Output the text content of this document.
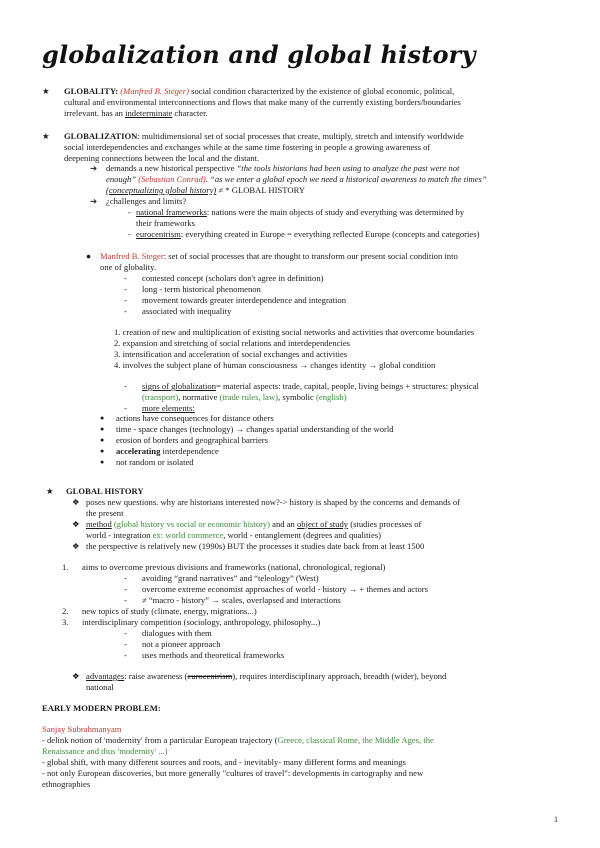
globalization and global history
★ GLOBALITY: (Manfred B. Steger) social condition characterized by the existence of global economic, political,
cultural and environmental interconnections and flows that make many of the currently existing borders/boundaries
irrelevant. has an indeterminate character.
★ GLOBALIZATION: multidimensional set of social processes that create, multiply, stretch and intensify worldwide
social interdependencies and exchanges while at the same time fostering in people a growing awareness of
deepening connections between the local and the distant.
➔ demands a new historical perspective “the tools historians had been using to analyze the past were not
enough” (Sebastian Conrad). “as we enter a global epoch we need a historical awareness to match the times”
(conceptualizing global history) ≠ * GLOBAL HISTORY
➔ ¿challenges and limits?
- national frameworks: nations were the main objects of study and everything was determined by
their frameworks
- eurocentrism: everything created in Europe = everything reflected Europe (concepts and categories)
● Manfred B. Steger: set of social processes that are thought to transform our present social condition into
one of globality.
- contested concept (scholars don't agree in definition)
- long - term historical phenomenon
- movement towards greater interdependence and integration
- associated with inequality
1. creation of new and multiplication of existing social networks and activities that overcome boundaries
2. expansion and stretching of social relations and interdependencies
3. intensification and acceleration of social exchanges and activities
4. involves the subject plane of human consciousness → changes identity → global condition
- signs of globalization= material aspects: trade, capital, people, living beings + structures: physical
(transport), normative (trade rules, law), symbolic (english)
- more elements:
● actions have consequences for distance others
● time - space changes (technology) → changes spatial understanding of the world
● erosion of borders and geographical barriers
● accelerating interdependence
● not random or isolated
★ GLOBAL HISTORY
❖ poses new questions. why are historians interested now?-> history is shaped by the concerns and demands of
the present
❖ method (global history vs social or economic history) and an object of study (studies processes of
world - integration ex: world commerce, world - entanglement (degrees and qualities)
❖ the perspective is relatively new (1990s) BUT the processes it studies date back from at least 1500
1. aims to overcome previous divisions and frameworks (national, chronological, regional)
- avoiding “grand narratives” and “teleology” (West)
- overcome extreme economist approaches of world - history → + themes and actors
- ≠ “macro - history” → scales, overlapsed and interactions
2. new topics of study (climate, energy, migrations...)
3. interdisciplinary competition (sociology, anthropology, philosophy...)
- dialogues with them
- not a pioneer approach
- uses methods and theoretical frameworks
❖ advantages: raise awareness (eurocentrism), requires interdisciplinary approach, breadth (wider), beyond
national
EARLY MODERN PROBLEM:
Sanjay Subrahmanyam
- delink notion of 'modernity' from a particular European trajectory (Greece, classical Rome, the Middle Ages, the
Renaissance and thus 'modernity' ...)
- global shift, with many different sources and roots, and - inevitably- many different forms and meanings
- not only European discoveries, but more generally "cultures of travel": developments in cartography and new
ethnographies
1
